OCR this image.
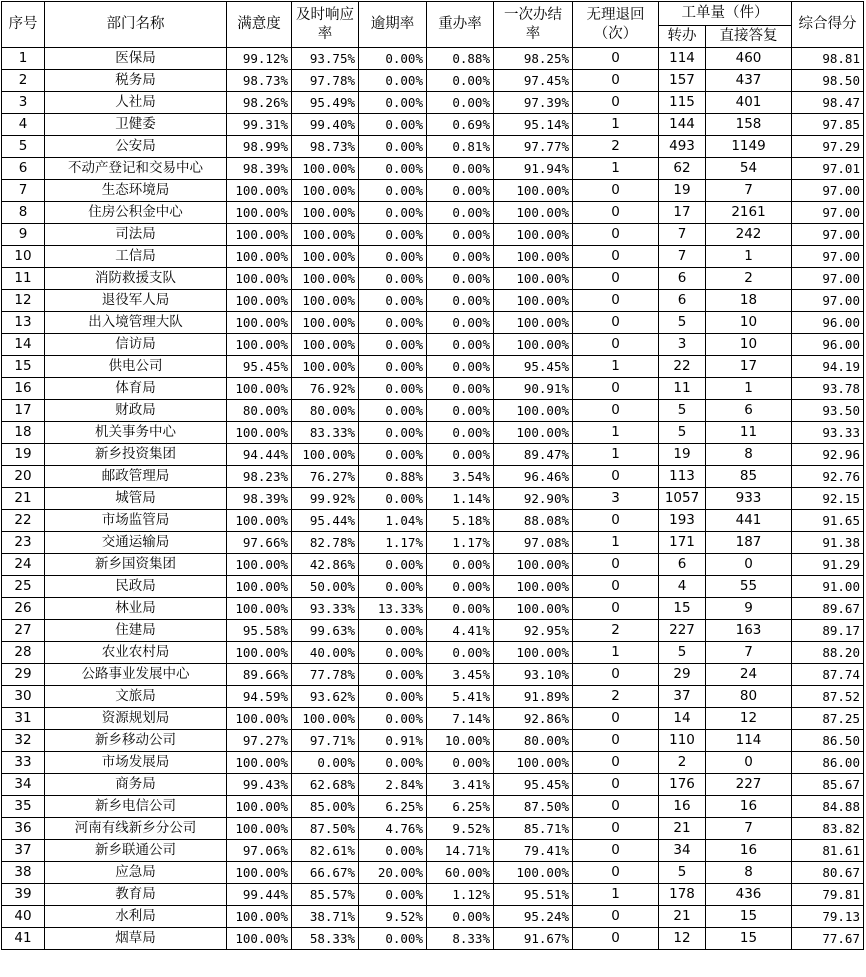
序号	部门名称	满意度	及时响应率	逾期率	重办率	一次办结率	无理退回（次）	工单量（件）		综合得分
								转办	直接答复	
1	医保局	99.12%	93.75%	0.00%	0.88%	98.25%	0	114	460	98.81
2	税务局	98.73%	97.78%	0.00%	0.00%	97.45%	0	157	437	98.50
3	人社局	98.26%	95.49%	0.00%	0.00%	97.39%	0	115	401	98.47
4	卫健委	99.31%	99.40%	0.00%	0.69%	95.14%	1	144	158	97.85
5	公安局	98.99%	98.73%	0.00%	0.81%	97.77%	2	493	1149	97.29
6	不动产登记和交易中心	98.39%	100.00%	0.00%	0.00%	91.94%	1	62	54	97.01
7	生态环境局	100.00%	100.00%	0.00%	0.00%	100.00%	0	19	7	97.00
8	住房公积金中心	100.00%	100.00%	0.00%	0.00%	100.00%	0	17	2161	97.00
9	司法局	100.00%	100.00%	0.00%	0.00%	100.00%	0	7	242	97.00
10	工信局	100.00%	100.00%	0.00%	0.00%	100.00%	0	7	1	97.00
11	消防救援支队	100.00%	100.00%	0.00%	0.00%	100.00%	0	6	2	97.00
12	退役军人局	100.00%	100.00%	0.00%	0.00%	100.00%	0	6	18	97.00
13	出入境管理大队	100.00%	100.00%	0.00%	0.00%	100.00%	0	5	10	96.00
14	信访局	100.00%	100.00%	0.00%	0.00%	100.00%	0	3	10	96.00
15	供电公司	95.45%	100.00%	0.00%	0.00%	95.45%	1	22	17	94.19
16	体育局	100.00%	76.92%	0.00%	0.00%	90.91%	0	11	1	93.78
17	财政局	80.00%	80.00%	0.00%	0.00%	100.00%	0	5	6	93.50
18	机关事务中心	100.00%	83.33%	0.00%	0.00%	100.00%	1	5	11	93.33
19	新乡投资集团	94.44%	100.00%	0.00%	0.00%	89.47%	1	19	8	92.96
20	邮政管理局	98.23%	76.27%	0.88%	3.54%	96.46%	0	113	85	92.76
21	城管局	98.39%	99.92%	0.00%	1.14%	92.90%	3	1057	933	92.15
22	市场监管局	100.00%	95.44%	1.04%	5.18%	88.08%	0	193	441	91.65
23	交通运输局	97.66%	82.78%	1.17%	1.17%	97.08%	1	171	187	91.38
24	新乡国资集团	100.00%	42.86%	0.00%	0.00%	100.00%	0	6	0	91.29
25	民政局	100.00%	50.00%	0.00%	0.00%	100.00%	0	4	55	91.00
26	林业局	100.00%	93.33%	13.33%	0.00%	100.00%	0	15	9	89.67
27	住建局	95.58%	99.63%	0.00%	4.41%	92.95%	2	227	163	89.17
28	农业农村局	100.00%	40.00%	0.00%	0.00%	100.00%	1	5	7	88.20
29	公路事业发展中心	89.66%	77.78%	0.00%	3.45%	93.10%	0	29	24	87.74
30	文旅局	94.59%	93.62%	0.00%	5.41%	91.89%	2	37	80	87.52
31	资源规划局	100.00%	100.00%	0.00%	7.14%	92.86%	0	14	12	87.25
32	新乡移动公司	97.27%	97.71%	0.91%	10.00%	80.00%	0	110	114	86.50
33	市场发展局	100.00%	0.00%	0.00%	0.00%	100.00%	0	2	0	86.00
34	商务局	99.43%	62.68%	2.84%	3.41%	95.45%	0	176	227	85.67
35	新乡电信公司	100.00%	85.00%	6.25%	6.25%	87.50%	0	16	16	84.88
36	河南有线新乡分公司	100.00%	87.50%	4.76%	9.52%	85.71%	0	21	7	83.82
37	新乡联通公司	97.06%	82.61%	0.00%	14.71%	79.41%	0	34	16	81.61
38	应急局	100.00%	66.67%	20.00%	60.00%	100.00%	0	5	8	80.67
39	教育局	99.44%	85.57%	0.00%	1.12%	95.51%	1	178	436	79.81
40	水利局	100.00%	38.71%	9.52%	0.00%	95.24%	0	21	15	79.13
41	烟草局	100.00%	58.33%	0.00%	8.33%	91.67%	0	12	15	77.67
